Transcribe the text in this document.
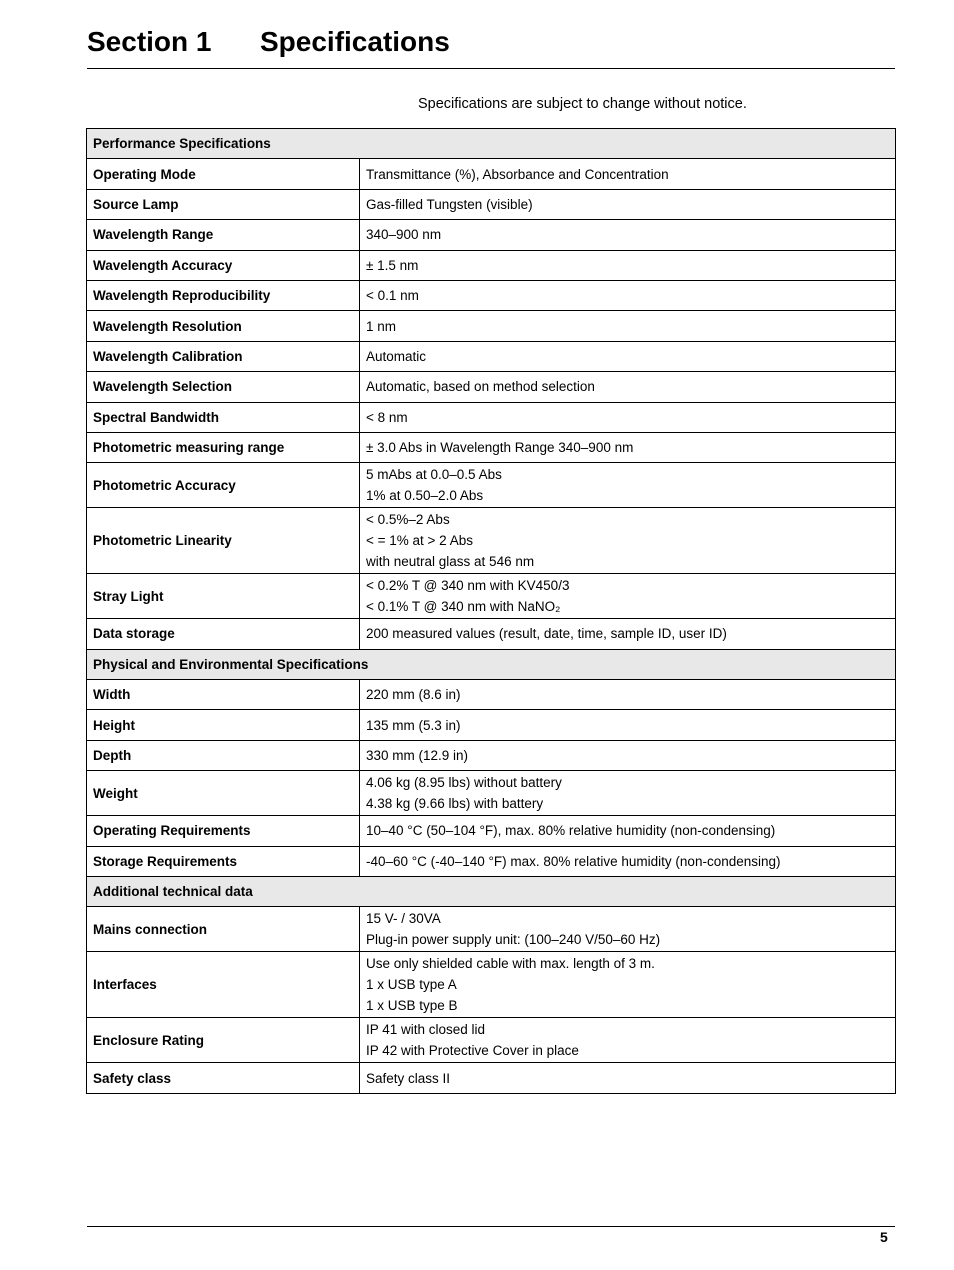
Section 1 Specifications
Specifications are subject to change without notice.
Performance Specifications	
Operating Mode	Transmittance (%), Absorbance and Concentration

Source Lamp	Gas-filled Tungsten (visible)

Wavelength Range	340–900 nm

Wavelength Accuracy	± 1.5 nm

Wavelength Reproducibility	< 0.1 nm

Wavelength Resolution	1 nm

Wavelength Calibration	Automatic

Wavelength Selection	Automatic, based on method selection

Spectral Bandwidth	< 8 nm

Photometric measuring range	± 3.0 Abs in Wavelength Range 340–900 nm

Photometric Accuracy	5 mAbs at 0.0–0.5 Abs
1% at 0.50–2.0 Abs

Photometric Linearity	< 0.5%–2 Abs
< = 1% at > 2 Abs
with neutral glass at 546 nm

Stray Light	< 0.2% T @ 340 nm with KV450/3
< 0.1% T @ 340 nm with NaNO₂

Data storage	200 measured values (result, date, time, sample ID, user ID)

Physical and Environmental Specifications	
Width	220 mm (8.6 in)

Height	135 mm (5.3 in)

Depth	330 mm (12.9 in)

Weight	4.06 kg (8.95 lbs) without battery
4.38 kg (9.66 lbs) with battery

Operating Requirements	10–40 °C (50–104 °F), max. 80% relative humidity (non-condensing)

Storage Requirements	-40–60 °C (-40–140 °F) max. 80% relative humidity (non-condensing)

Additional technical data	
Mains connection	15 V- / 30VA
Plug-in power supply unit: (100–240 V/50–60 Hz)

Interfaces	Use only shielded cable with max. length of 3 m.
1 x USB type A
1 x USB type B

Enclosure Rating	IP 41 with closed lid
IP 42 with Protective Cover in place

Safety class	Safety class II
5
